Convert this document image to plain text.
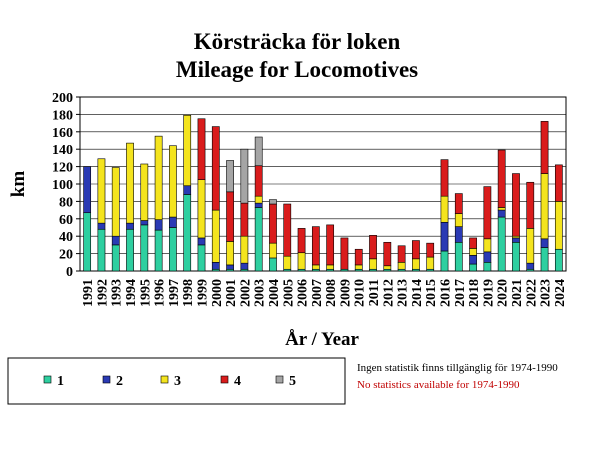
Körsträcka för loken
Mileage for Locomotives
0
20
40
60
80
100
120
140
160
180
200
1991 1992 1993 1994 1995 1996 1997 1998 1999 2000 2001 2002 2003 2004 2005 2006 2007 2008 2009 2010 2011 2012 2013 2014 2015 2016 2017 2018 2019 2020 2021 2022 2023 2024
km
År / Year
1	2	3	4	5
Ingen statistik finns tillgänglig för 1974-1990
No statistics available for 1974-1990
